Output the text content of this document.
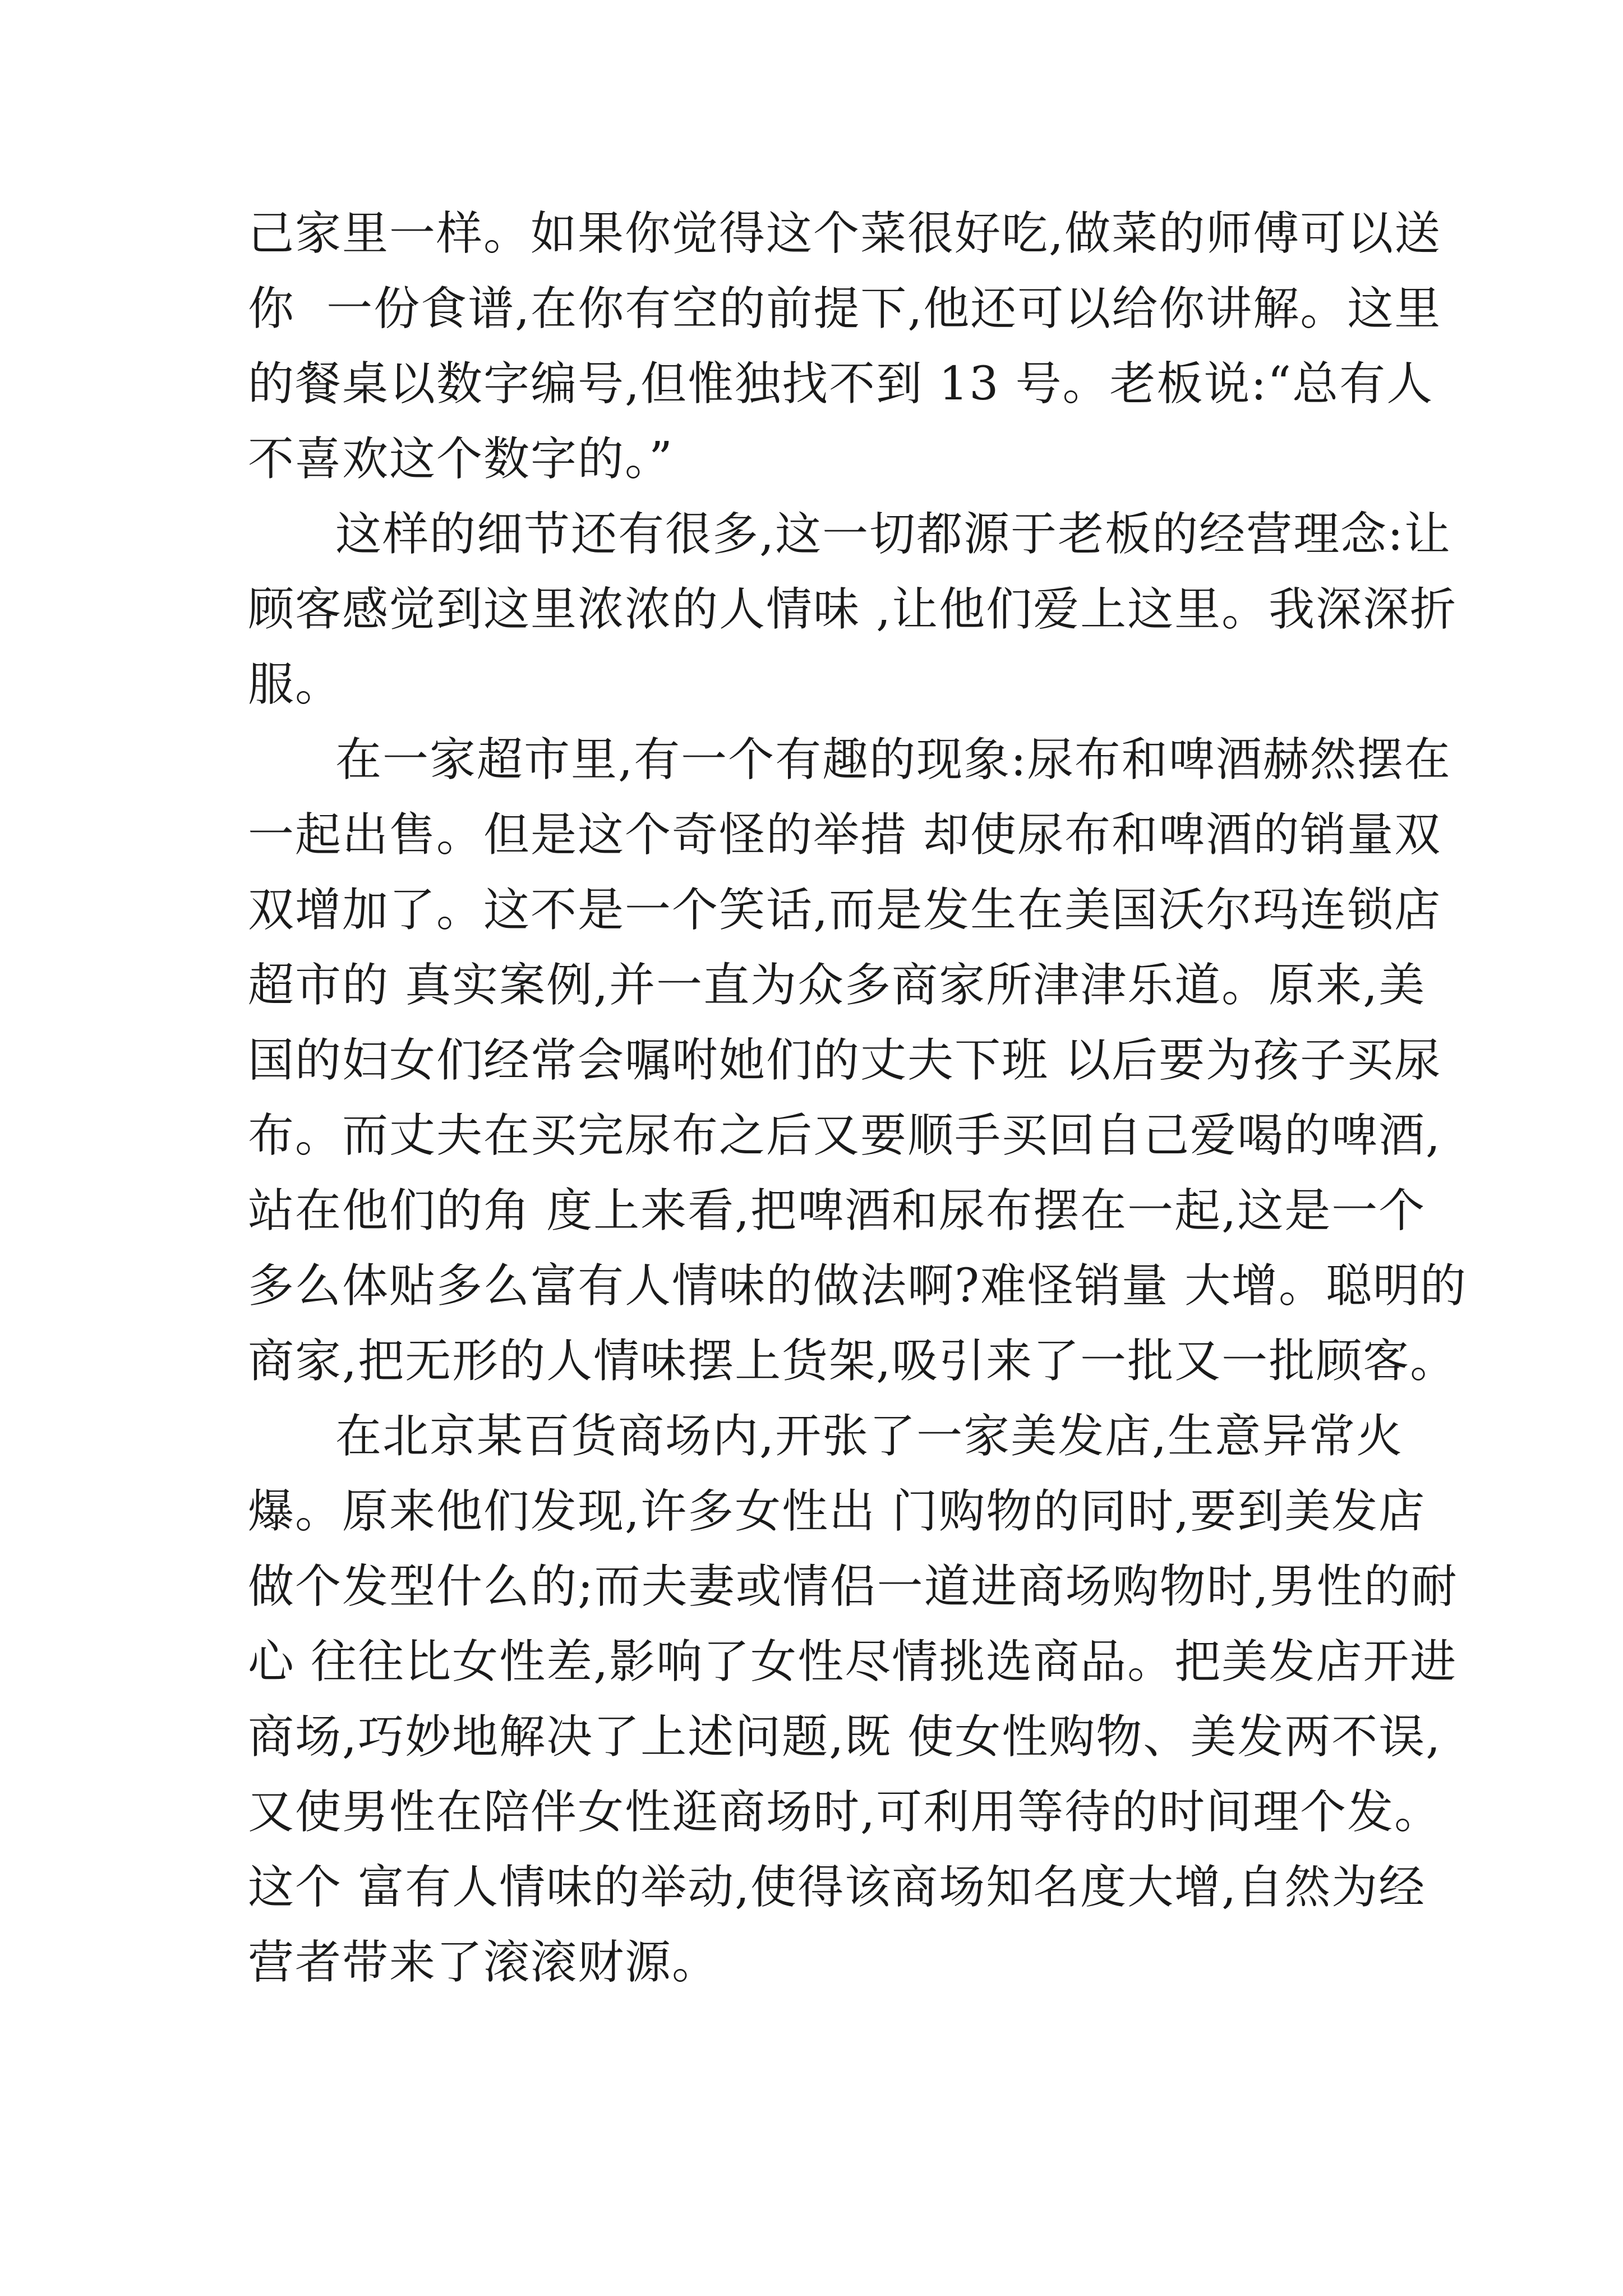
己家里一样。如果你觉得这个菜很好吃,做菜的师傅可以送
你  一份食谱,在你有空的前提下,他还可以给你讲解。这里
的餐桌以数字编号,但惟独找不到 13 号。老板说:“总有人
不喜欢这个数字的。”
这样的细节还有很多,这一切都源于老板的经营理念:让
顾客感觉到这里浓浓的人情味 ,让他们爱上这里。我深深折
服。
在一家超市里,有一个有趣的现象:尿布和啤酒赫然摆在
一起出售。但是这个奇怪的举措 却使尿布和啤酒的销量双
双增加了。这不是一个笑话,而是发生在美国沃尔玛连锁店
超市的 真实案例,并一直为众多商家所津津乐道。原来,美
国的妇女们经常会嘱咐她们的丈夫下班 以后要为孩子买尿
布。而丈夫在买完尿布之后又要顺手买回自己爱喝的啤酒,
站在他们的角 度上来看,把啤酒和尿布摆在一起,这是一个
多么体贴多么富有人情味的做法啊?难怪销量 大增。聪明的
商家,把无形的人情味摆上货架,吸引来了一批又一批顾客。
在北京某百货商场内,开张了一家美发店,生意异常火
爆。原来他们发现,许多女性出 门购物的同时,要到美发店
做个发型什么的;而夫妻或情侣一道进商场购物时,男性的耐
心 往往比女性差,影响了女性尽情挑选商品。把美发店开进
商场,巧妙地解决了上述问题,既 使女性购物、美发两不误,
又使男性在陪伴女性逛商场时,可利用等待的时间理个发。
这个 富有人情味的举动,使得该商场知名度大增,自然为经
营者带来了滚滚财源。
